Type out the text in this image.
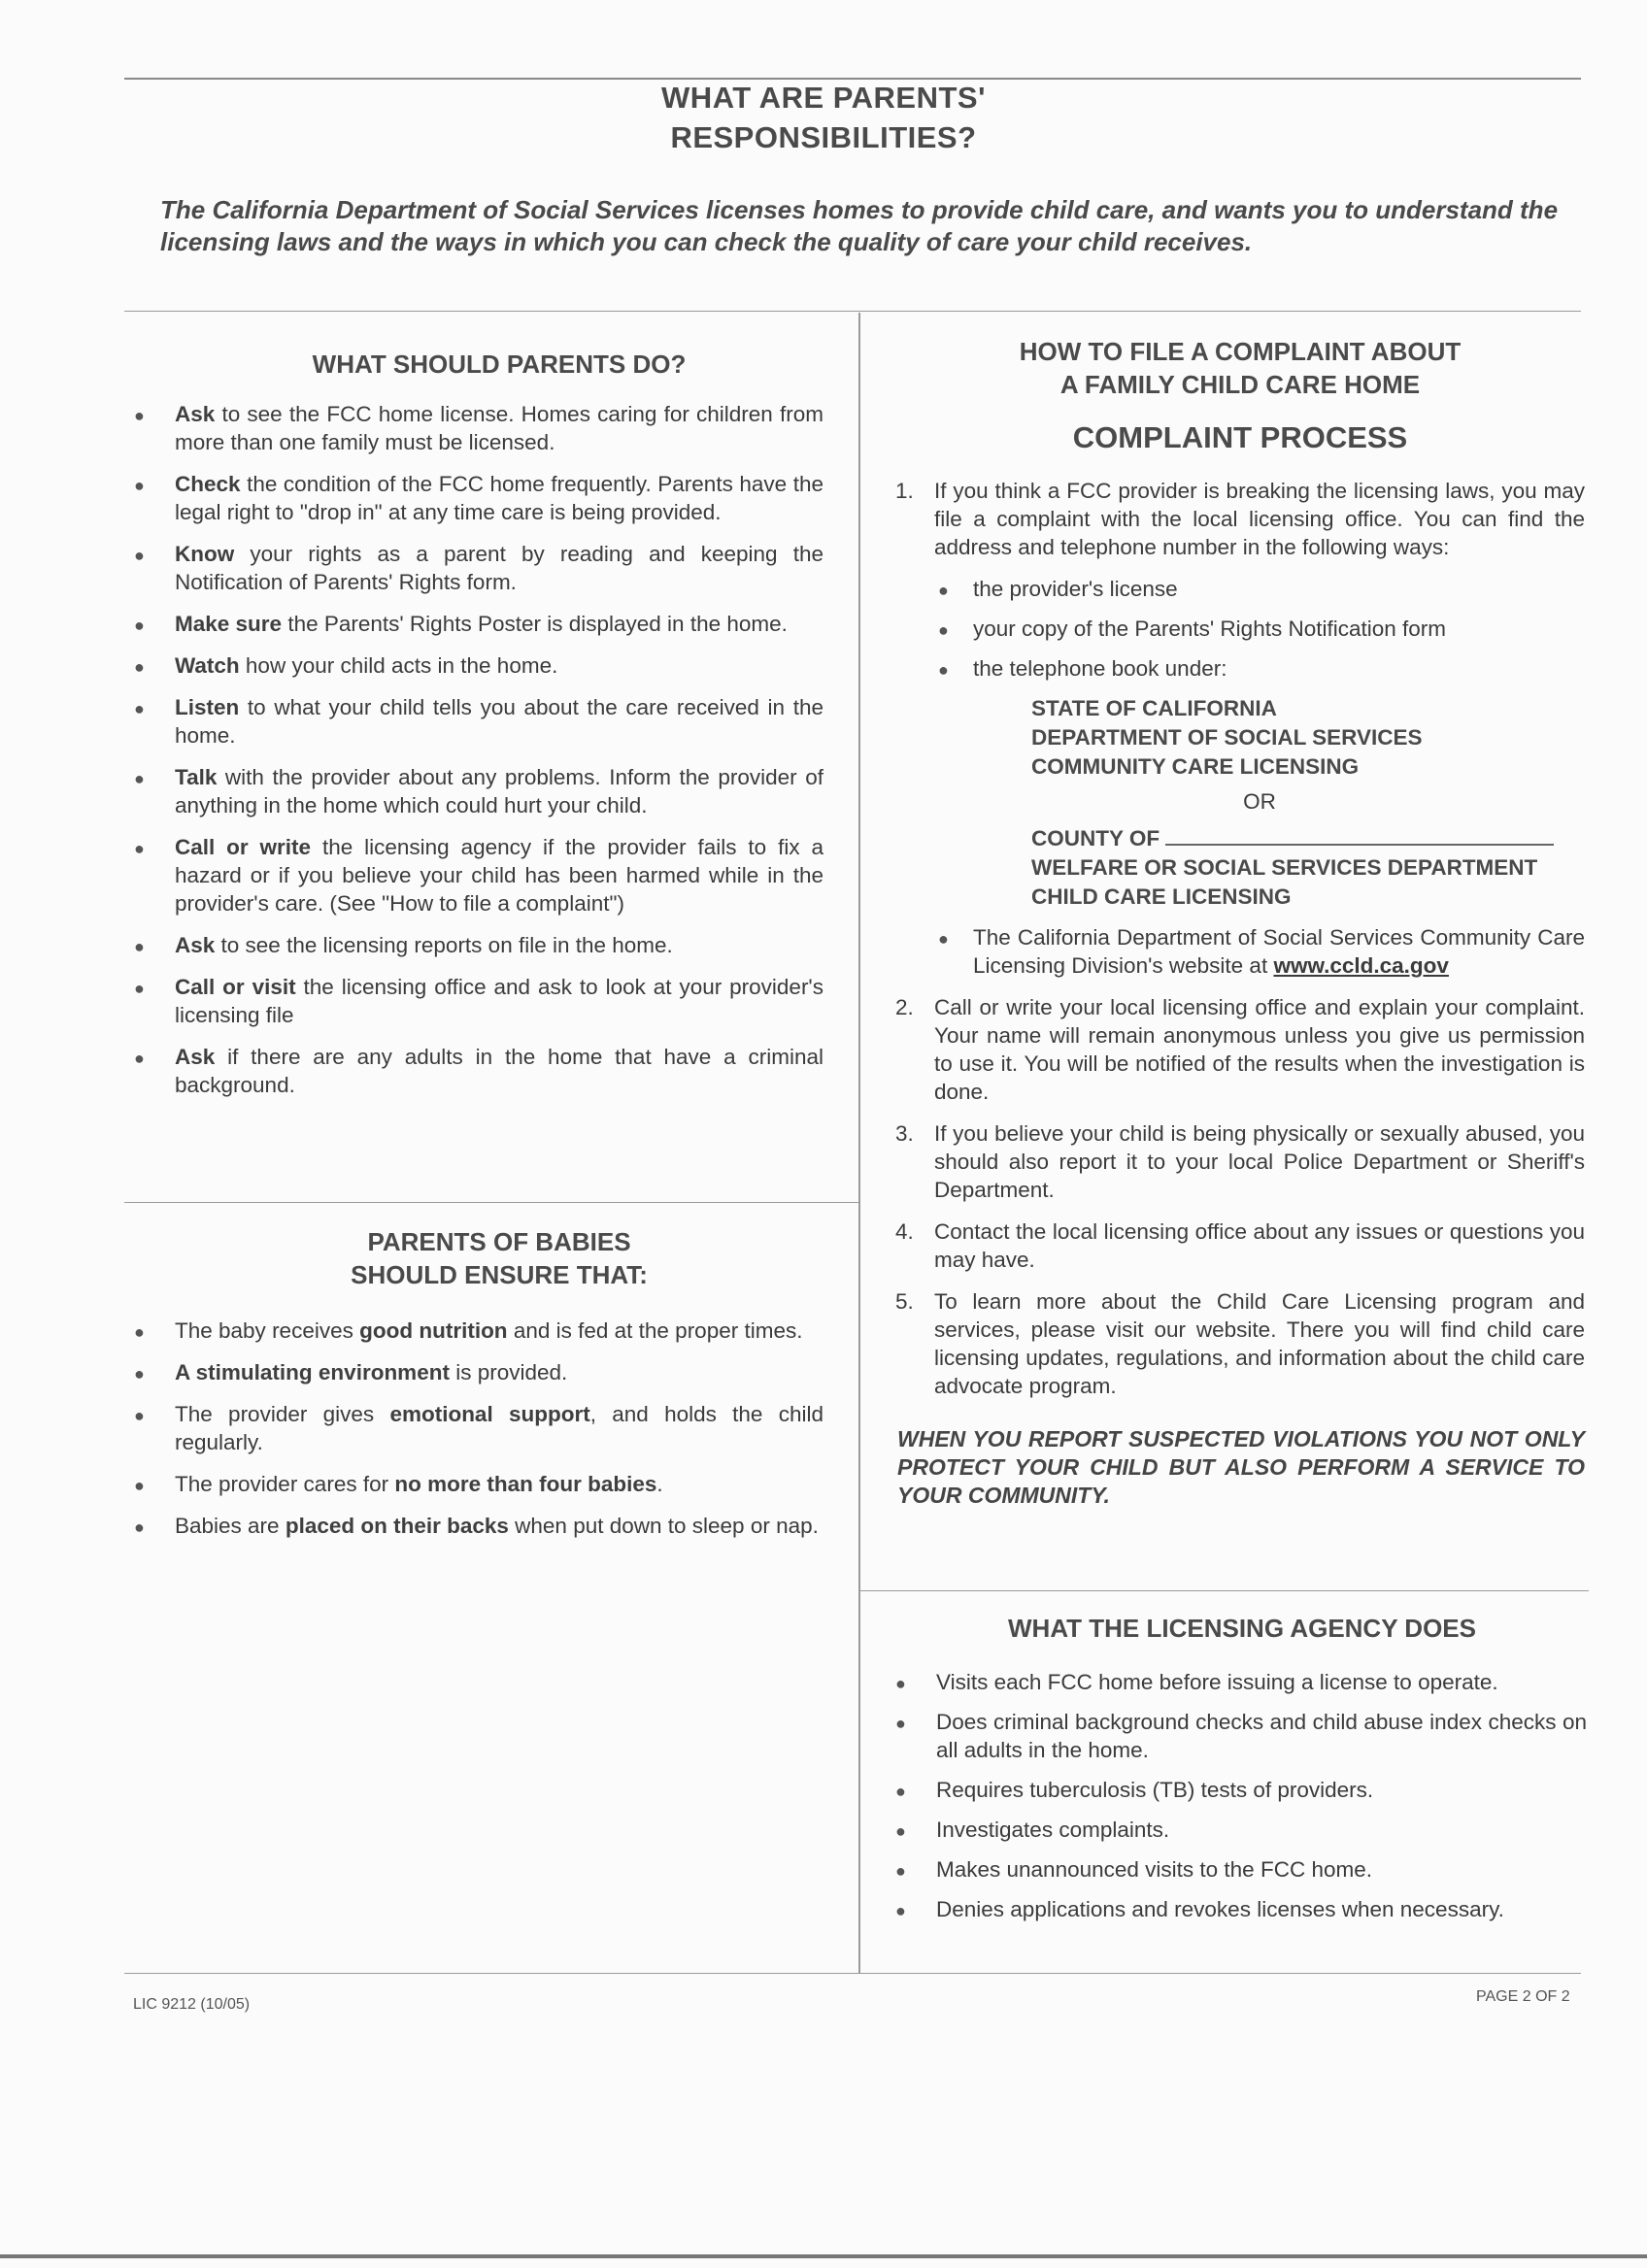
WHAT ARE PARENTS'
RESPONSIBILITIES?

The California Department of Social Services licenses homes to provide child care, and wants you to understand the licensing laws and the ways in which you can check the quality of care your child receives.

WHAT SHOULD PARENTS DO?

● Ask to see the FCC home license. Homes caring for children from more than one family must be licensed.
● Check the condition of the FCC home frequently. Parents have the legal right to "drop in" at any time care is being provided.
● Know your rights as a parent by reading and keeping the Notification of Parents' Rights form.
● Make sure the Parents' Rights Poster is displayed in the home.
● Watch how your child acts in the home.
● Listen to what your child tells you about the care received in the home.
● Talk with the provider about any problems. Inform the provider of anything in the home which could hurt your child.
● Call or write the licensing agency if the provider fails to fix a hazard or if you believe your child has been harmed while in the provider's care. (See "How to file a complaint")
● Ask to see the licensing reports on file in the home.
● Call or visit the licensing office and ask to look at your provider's licensing file
● Ask if there are any adults in the home that have a criminal background.

PARENTS OF BABIES
SHOULD ENSURE THAT:

● The baby receives good nutrition and is fed at the proper times.
● A stimulating environment is provided.
● The provider gives emotional support, and holds the child regularly.
● The provider cares for no more than four babies.
● Babies are placed on their backs when put down to sleep or nap.

HOW TO FILE A COMPLAINT ABOUT
A FAMILY CHILD CARE HOME

COMPLAINT PROCESS

1. If you think a FCC provider is breaking the licensing laws, you may file a complaint with the local licensing office. You can find the address and telephone number in the following ways:
● the provider's license
● your copy of the Parents' Rights Notification form
● the telephone book under:
STATE OF CALIFORNIA
DEPARTMENT OF SOCIAL SERVICES
COMMUNITY CARE LICENSING
OR
COUNTY OF
WELFARE OR SOCIAL SERVICES DEPARTMENT
CHILD CARE LICENSING
● The California Department of Social Services Community Care Licensing Division's website at www.ccld.ca.gov
2. Call or write your local licensing office and explain your complaint. Your name will remain anonymous unless you give us permission to use it. You will be notified of the results when the investigation is done.
3. If you believe your child is being physically or sexually abused, you should also report it to your local Police Department or Sheriff's Department.
4. Contact the local licensing office about any issues or questions you may have.
5. To learn more about the Child Care Licensing program and services, please visit our website. There you will find child care licensing updates, regulations, and information about the child care advocate program.

WHEN YOU REPORT SUSPECTED VIOLATIONS YOU NOT ONLY PROTECT YOUR CHILD BUT ALSO PERFORM A SERVICE TO YOUR COMMUNITY.

WHAT THE LICENSING AGENCY DOES

● Visits each FCC home before issuing a license to operate.
● Does criminal background checks and child abuse index checks on all adults in the home.
● Requires tuberculosis (TB) tests of providers.
● Investigates complaints.
● Makes unannounced visits to the FCC home.
● Denies applications and revokes licenses when necessary.
LIC 9212 (10/05)	PAGE 2 OF 2
